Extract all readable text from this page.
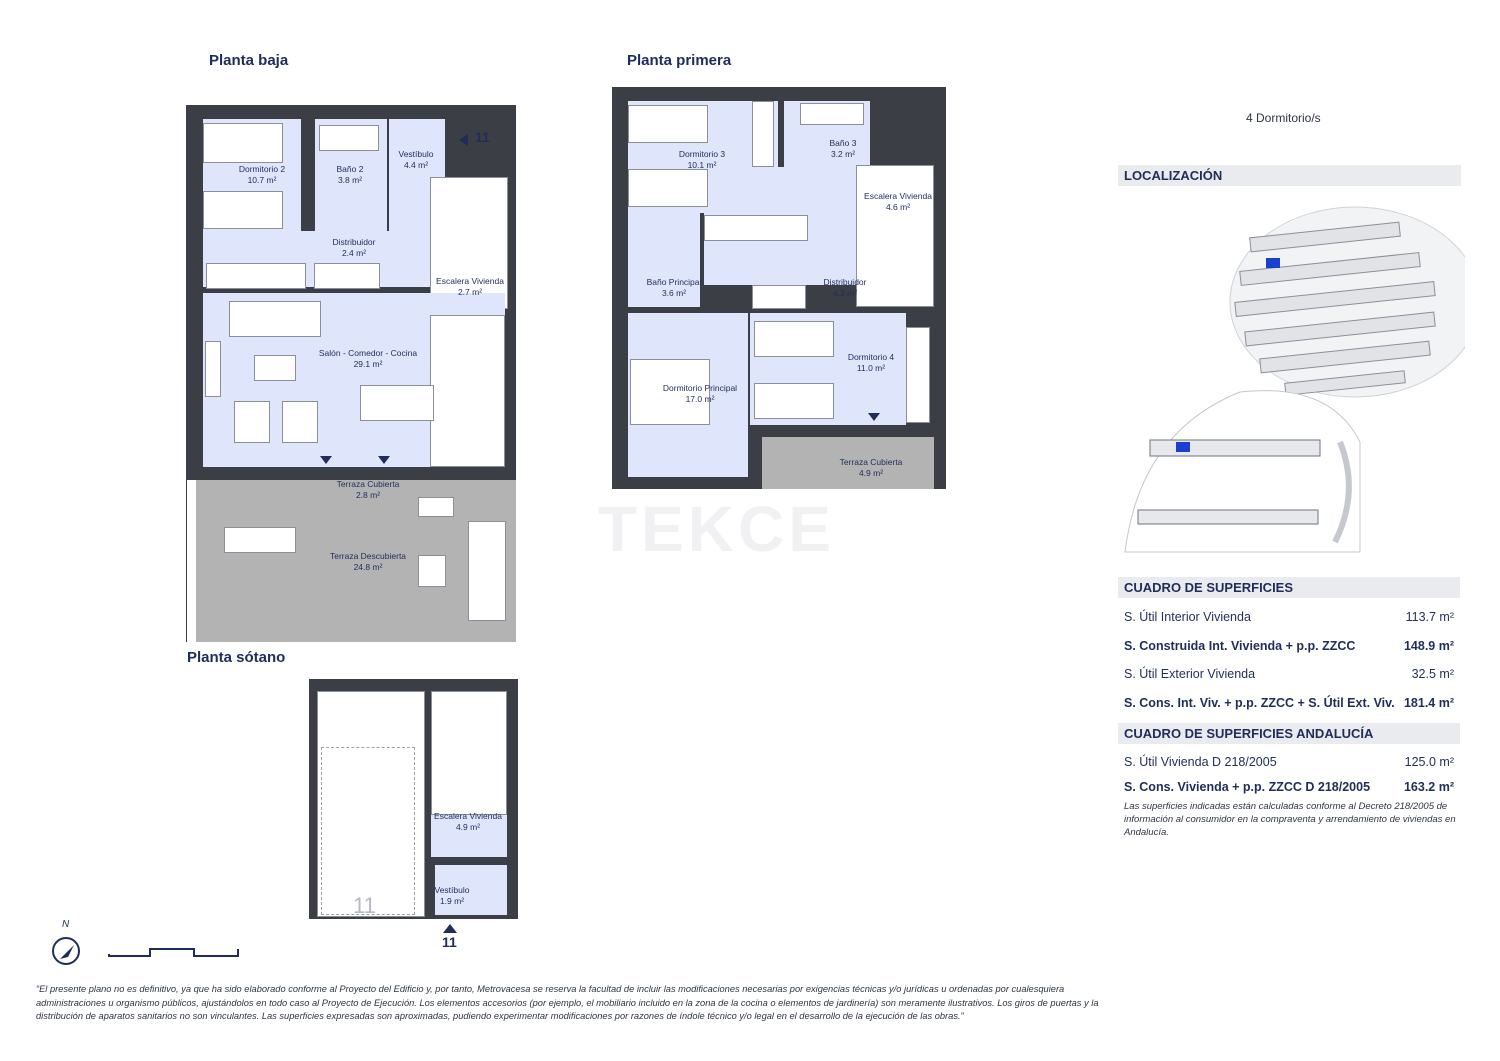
TEKCE
Planta baja
Dormitorio 2
10.7 m²
Baño 2
3.8 m²
Vestíbulo
4.4 m²
Distribuidor
2.4 m²
Escalera Vivienda
2.7 m²
Salón - Comedor - Cocina
29.1 m²
Terraza Cubierta
2.8 m²
Terraza Descubierta
24.8 m²
11
Planta primera
Dormitorio 3
10.1 m²
Baño 3
3.2 m²
Escalera Vivienda
4.6 m²
Baño Principal
3.6 m²
Distribuidor
4.3 m²
Dormitorio Principal
17.0 m²
Dormitorio 4
11.0 m²
Terraza Cubierta
4.9 m²
Planta sótano
11
Escalera Vivienda
4.9 m²
Vestíbulo
1.9 m²
11
N
4 Dormitorio/s
LOCALIZACIÓN
CUADRO DE SUPERFICIES
S. Útil Interior Vivienda	113.7 m²
S. Construida Int. Vivienda + p.p. ZZCC	148.9 m²
S. Útil Exterior Vivienda	32.5 m²
S. Cons. Int. Viv. + p.p. ZZCC + S. Útil Ext. Viv. 181.4 m²
CUADRO DE SUPERFICIES ANDALUCÍA
S. Útil Vivienda D 218/2005	125.0 m²
S. Cons. Vivienda + p.p. ZZCC D 218/2005	163.2 m²
Las superficies indicadas están calculadas conforme al Decreto 218/2005 de información al consumidor en la compraventa y arrendamiento de viviendas en Andalucía.
“El presente plano no es definitivo, ya que ha sido elaborado conforme al Proyecto del Edificio y, por tanto, Metrovacesa se reserva la facultad de incluir las modificaciones necesarias por exigencias técnicas y/o jurídicas u ordenadas por cualesquiera administraciones u organismo públicos, ajustándolos en todo caso al Proyecto de Ejecución. Los elementos accesorios (por ejemplo, el mobiliario incluido en la zona de la cocina o elementos de jardinería) son meramente ilustrativos. Los giros de puertas y la distribución de aparatos sanitarios no son vinculantes. Las superficies expresadas son aproximadas, pudiendo experimentar modificaciones por razones de índole técnico y/o legal en el desarrollo de la ejecución de las obras.”
